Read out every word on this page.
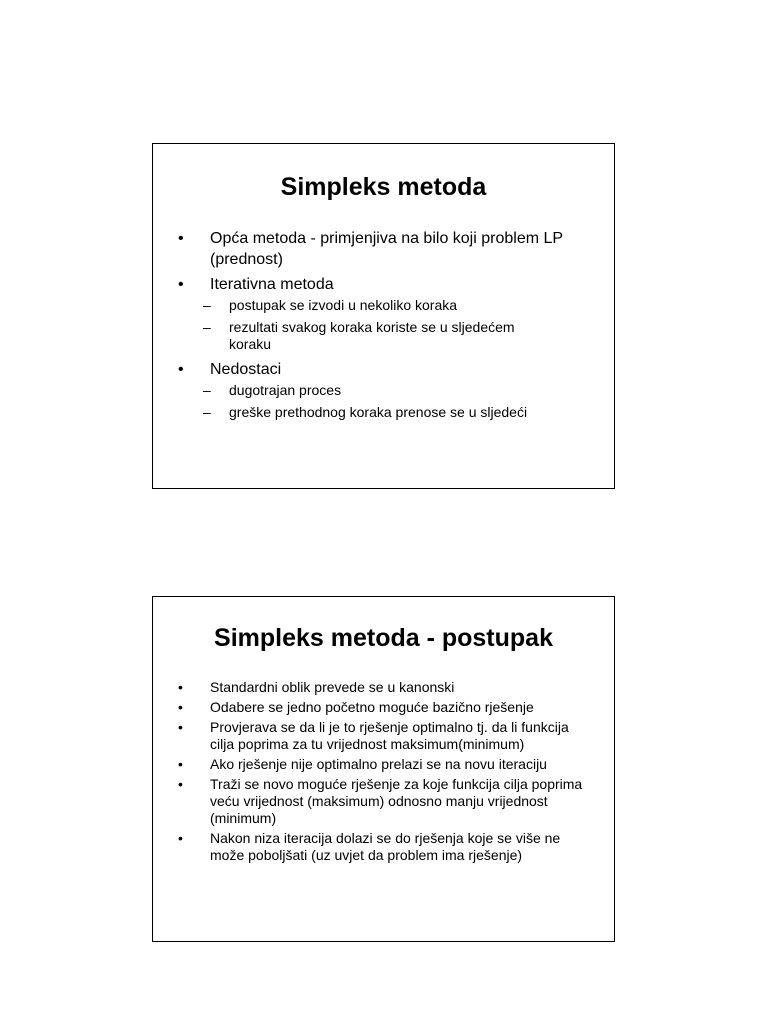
Simpleks metoda
• Opća metoda - primjenjiva na bilo koji problem LP (prednost)
• Iterativna metoda
– postupak se izvodi u nekoliko koraka
– rezultati svakog koraka koriste se u sljedećem koraku
• Nedostaci
– dugotrajan proces
– greške prethodnog koraka prenose se u sljedeći
Simpleks metoda - postupak
• Standardni oblik prevede se u kanonski
• Odabere se jedno početno moguće bazično rješenje
• Provjerava se da li je to rješenje optimalno tj. da li funkcija cilja poprima za tu vrijednost maksimum(minimum)
• Ako rješenje nije optimalno prelazi se na novu iteraciju
• Traži se novo moguće rješenje za koje funkcija cilja poprima veću vrijednost (maksimum) odnosno manju vrijednost (minimum)
• Nakon niza iteracija dolazi se do rješenja koje se više ne može poboljšati (uz uvjet da problem ima rješenje)
